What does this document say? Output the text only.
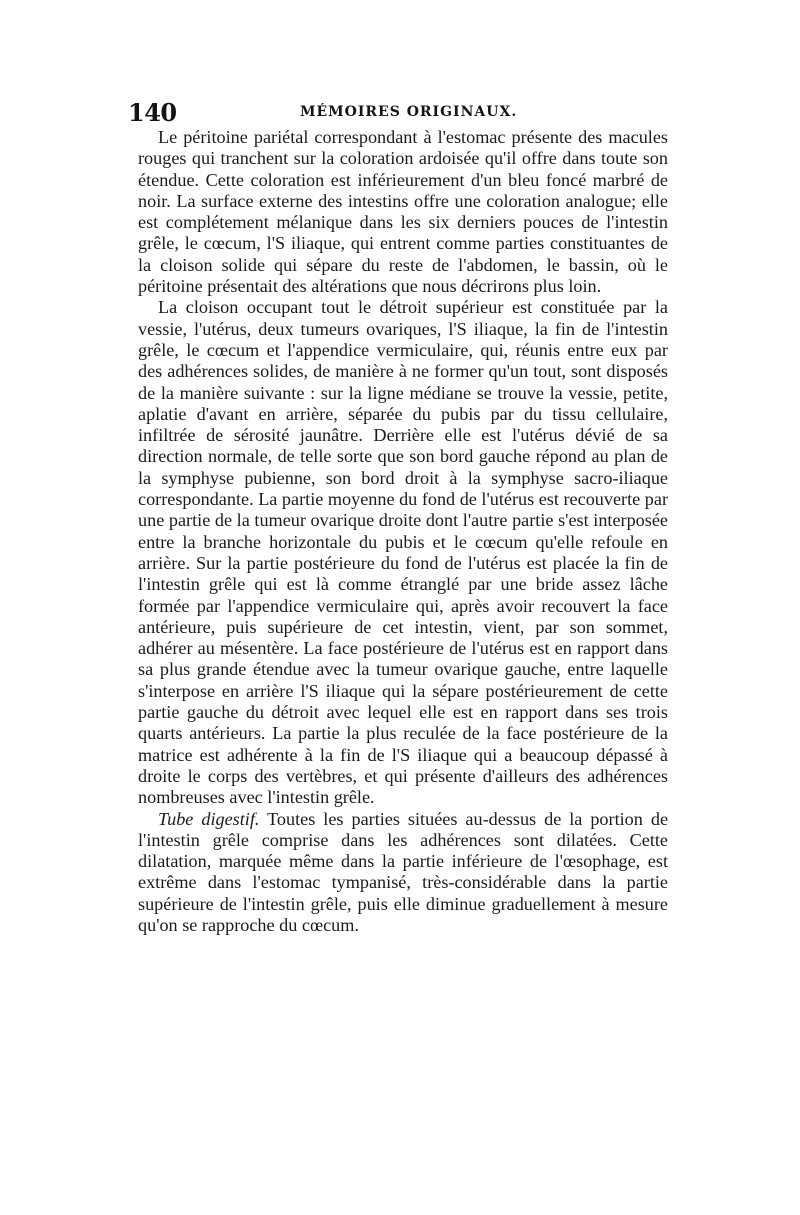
140	MÉMOIRES ORIGINAUX.

Le péritoine pariétal correspondant à l'estomac présente des macules rouges qui tranchent sur la coloration ardoisée qu'il offre dans toute son étendue. Cette coloration est inférieurement d'un bleu foncé marbré de noir. La surface externe des intestins offre une coloration analogue; elle est complétement mélanique dans les six derniers pouces de l'intestin grêle, le cœcum, l'S iliaque, qui entrent comme parties constituantes de la cloison solide qui sépare du reste de l'abdomen, le bassin, où le péritoine présentait des altérations que nous décrirons plus loin.

La cloison occupant tout le détroit supérieur est constituée par la vessie, l'utérus, deux tumeurs ovariques, l'S iliaque, la fin de l'intestin grêle, le cœcum et l'appendice vermiculaire, qui, réunis entre eux par des adhérences solides, de manière à ne former qu'un tout, sont disposés de la manière suivante : sur la ligne médiane se trouve la vessie, petite, aplatie d'avant en arrière, séparée du pubis par du tissu cellulaire, infiltrée de sérosité jaunâtre. Derrière elle est l'utérus dévié de sa direction normale, de telle sorte que son bord gauche répond au plan de la symphyse pubienne, son bord droit à la symphyse sacro-iliaque correspondante. La partie moyenne du fond de l'utérus est recouverte par une partie de la tumeur ovarique droite dont l'autre partie s'est interposée entre la branche horizontale du pubis et le cœcum qu'elle refoule en arrière. Sur la partie postérieure du fond de l'utérus est placée la fin de l'intestin grêle qui est là comme étranglé par une bride assez lâche formée par l'appendice vermiculaire qui, après avoir recouvert la face antérieure, puis supérieure de cet intestin, vient, par son sommet, adhérer au mésentère. La face postérieure de l'utérus est en rapport dans sa plus grande étendue avec la tumeur ovarique gauche, entre laquelle s'interpose en arrière l'S iliaque qui la sépare postérieurement de cette partie gauche du détroit avec lequel elle est en rapport dans ses trois quarts antérieurs. La partie la plus reculée de la face postérieure de la matrice est adhérente à la fin de l'S iliaque qui a beaucoup dépassé à droite le corps des vertèbres, et qui présente d'ailleurs des adhérences nombreuses avec l'intestin grêle.

Tube digestif. Toutes les parties situées au-dessus de la portion de l'intestin grêle comprise dans les adhérences sont dilatées. Cette dilatation, marquée même dans la partie inférieure de l'œsophage, est extrême dans l'estomac tympanisé, très-considérable dans la partie supérieure de l'intestin grêle, puis elle diminue graduellement à mesure qu'on se rapproche du cœcum.
